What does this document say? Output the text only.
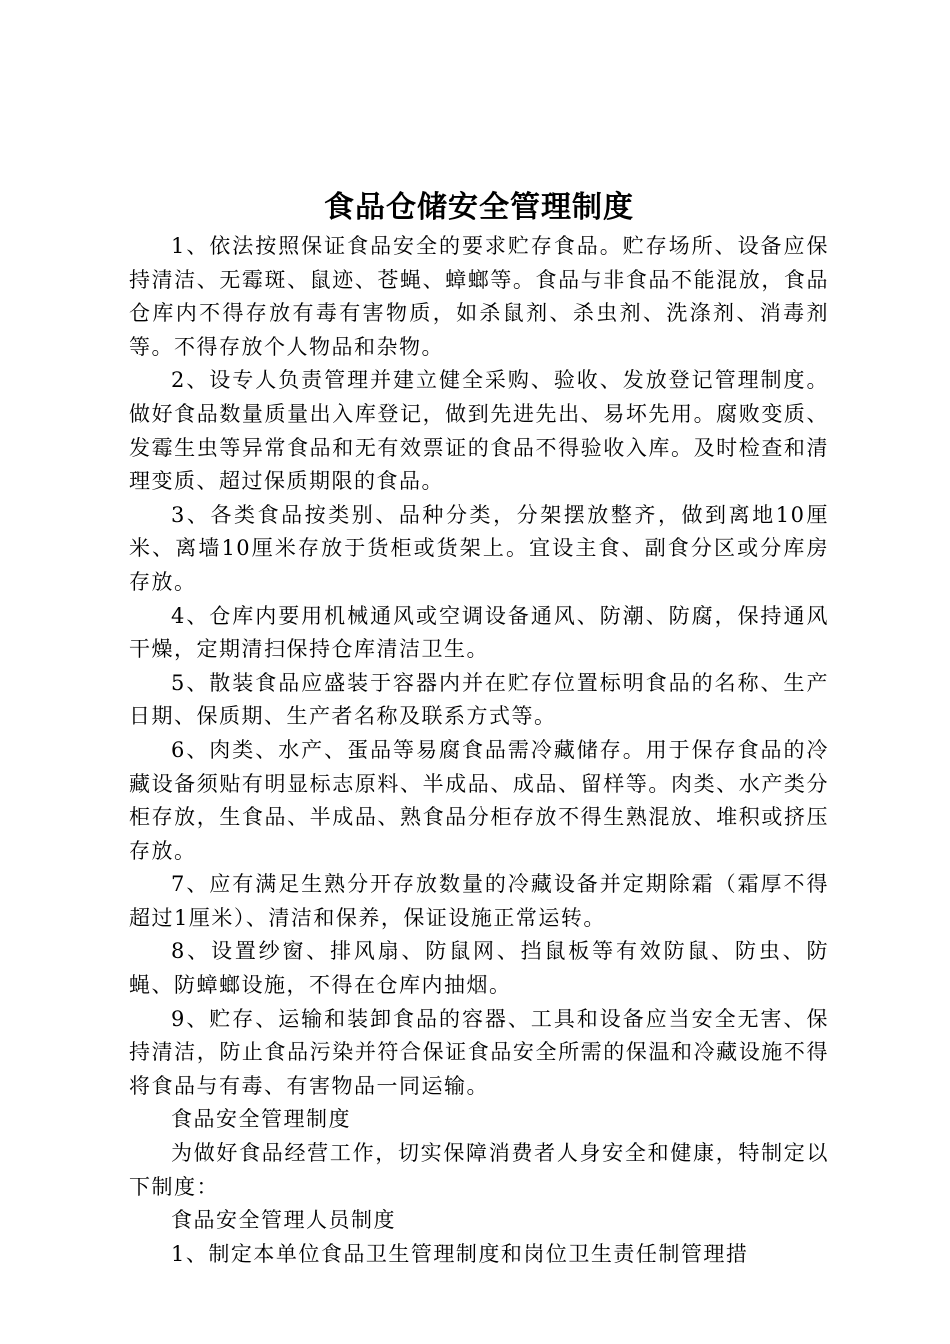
食品仓储安全管理制度

1、依法按照保证食品安全的要求贮存食品。贮存场所、设备应保持清洁、无霉斑、鼠迹、苍蝇、蟑螂等。食品与非食品不能混放，食品仓库内不得存放有毒有害物质，如杀鼠剂、杀虫剂、洗涤剂、消毒剂等。不得存放个人物品和杂物。

2、设专人负责管理并建立健全采购、验收、发放登记管理制度。做好食品数量质量出入库登记，做到先进先出、易坏先用。腐败变质、发霉生虫等异常食品和无有效票证的食品不得验收入库。及时检查和清理变质、超过保质期限的食品。

3、各类食品按类别、品种分类，分架摆放整齐，做到离地10厘米、离墙10厘米存放于货柜或货架上。宜设主食、副食分区或分库房存放。

4、仓库内要用机械通风或空调设备通风、防潮、防腐，保持通风干燥，定期清扫保持仓库清洁卫生。

5、散装食品应盛装于容器内并在贮存位置标明食品的名称、生产日期、保质期、生产者名称及联系方式等。

6、肉类、水产、蛋品等易腐食品需冷藏储存。用于保存食品的冷藏设备须贴有明显标志原料、半成品、成品、留样等。肉类、水产类分柜存放，生食品、半成品、熟食品分柜存放不得生熟混放、堆积或挤压存放。

7、应有满足生熟分开存放数量的冷藏设备并定期除霜（霜厚不得超过1厘米）、清洁和保养，保证设施正常运转。

8、设置纱窗、排风扇、防鼠网、挡鼠板等有效防鼠、防虫、防蝇、防蟑螂设施，不得在仓库内抽烟。

9、贮存、运输和装卸食品的容器、工具和设备应当安全无害、保持清洁，防止食品污染并符合保证食品安全所需的保温和冷藏设施不得将食品与有毒、有害物品一同运输。

食品安全管理制度

为做好食品经营工作，切实保障消费者人身安全和健康，特制定以下制度：

食品安全管理人员制度

1、制定本单位食品卫生管理制度和岗位卫生责任制管理措
